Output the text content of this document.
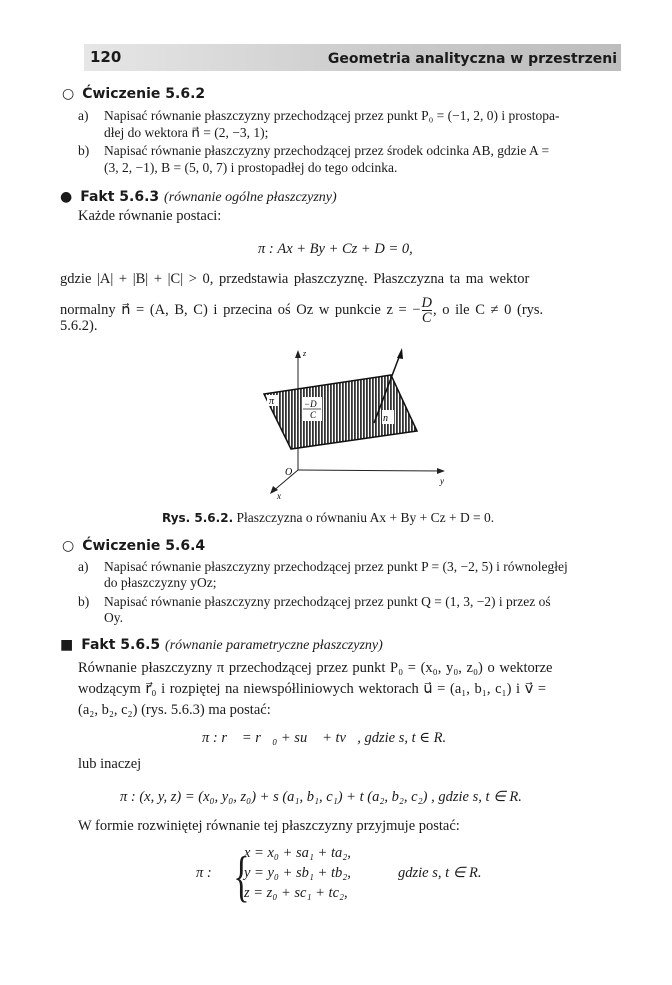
120	Geometria analityczna w przestrzeni
○ Ćwiczenie 5.6.2
a) Napisać równanie płaszczyzny przechodzącej przez punkt P₀ = (−1, 2, 0) i prostopa-
dłej do wektora n⃗ = (2, −3, 1);
b) Napisać równanie płaszczyzny przechodzącej przez środek odcinka AB, gdzie A =
(3, 2, −1), B = (5, 0, 7) i prostopadłej do tego odcinka.
● Fakt 5.6.3 (równanie ogólne płaszczyzny)
Każde równanie postaci:
π : Ax + By + Cz + D = 0,
gdzie |A| + |B| + |C| > 0, przedstawia płaszczyznę. Płaszczyzna ta ma wektor
normalny n⃗ = (A, B, C) i przecina oś Oz w punkcie z = − $\frac{D}{C}$ , o ile C ≠ 0 (rys.
5.6.2).
π	−D
C	n⃗
z
y
x
O
Rys. 5.6.2. Płaszczyzna o równaniu Ax + By + Cz + D = 0.
○ Ćwiczenie 5.6.4
a) Napisać równanie płaszczyzny przechodzącej przez punkt P = (3, −2, 5) i równoległej
do płaszczyzny yOz;
b) Napisać równanie płaszczyzny przechodzącej przez punkt Q = (1, 3, −2) i przez oś
Oy.
■ Fakt 5.6.5 (równanie parametryczne płaszczyzny)
Równanie płaszczyzny π przechodzącej przez punkt P₀ = (x₀, y₀, z₀) o wektorze
wodzącym r⃗₀ i rozpiętej na niewspółliniowych wektorach u⃗ = (a₁, b₁, c₁) i v⃗ =
(a₂, b₂, c₂) (rys. 5.6.3) ma postać:
π : r⃗ = r⃗₀ + su⃗ + tv⃗, gdzie s, t ∈ R.
lub inaczej
π : (x, y, z) = (x₀, y₀, z₀) + s (a₁, b₁, c₁) + t (a₂, b₂, c₂) , gdzie s, t ∈ R.
W formie rozwiniętej równanie tej płaszczyzny przyjmuje postać:
π : {
x = x₀ + sa₁ + ta₂,
y = y₀ + sb₁ + tb₂,
z = z₀ + sc₁ + tc₂,
gdzie s, t ∈ R.
